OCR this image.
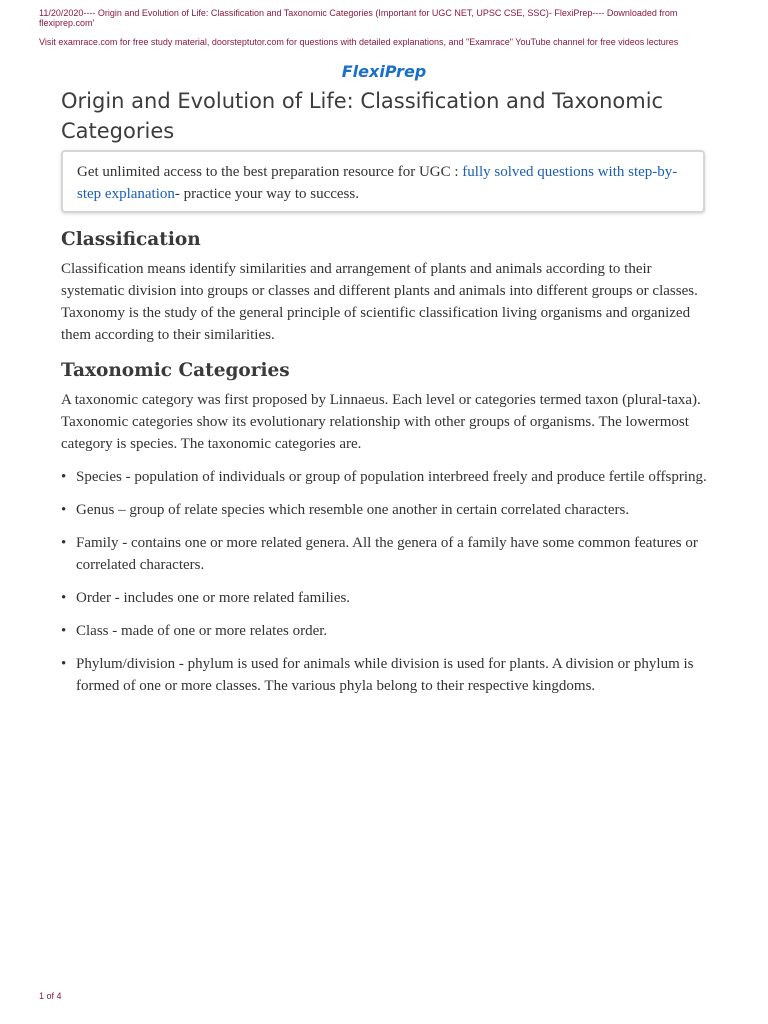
11/20/2020---- Origin and Evolution of Life: Classification and Taxonomic Categories (Important for UGC NET, UPSC CSE, SSC)- FlexiPrep---- Downloaded from flexiprep.com'
Visit examrace.com for free study material, doorsteptutor.com for questions with detailed explanations, and "Examrace" YouTube channel for free videos lectures
FlexiPrep
Origin and Evolution of Life: Classification and Taxonomic Categories
Get unlimited access to the best preparation resource for UGC : fully solved questions with step-by-step explanation- practice your way to success.
Classification

Classification means identify similarities and arrangement of plants and animals according to their systematic division into groups or classes and different plants and animals into different groups or classes. Taxonomy is the study of the general principle of scientific classification living organisms and organized them according to their similarities.

Taxonomic Categories

A taxonomic category was first proposed by Linnaeus. Each level or categories termed taxon (plural-taxa). Taxonomic categories show its evolutionary relationship with other groups of organisms. The lowermost category is species. The taxonomic categories are.

• Species - population of individuals or group of population interbreed freely and produce fertile offspring.
• Genus – group of relate species which resemble one another in certain correlated characters.
• Family - contains one or more related genera. All the genera of a family have some common features or correlated characters.
• Order - includes one or more related families.
• Class - made of one or more relates order.
• Phylum/division - phylum is used for animals while division is used for plants. A division or phylum is formed of one or more classes. The various phyla belong to their respective kingdoms.
1 of 4
